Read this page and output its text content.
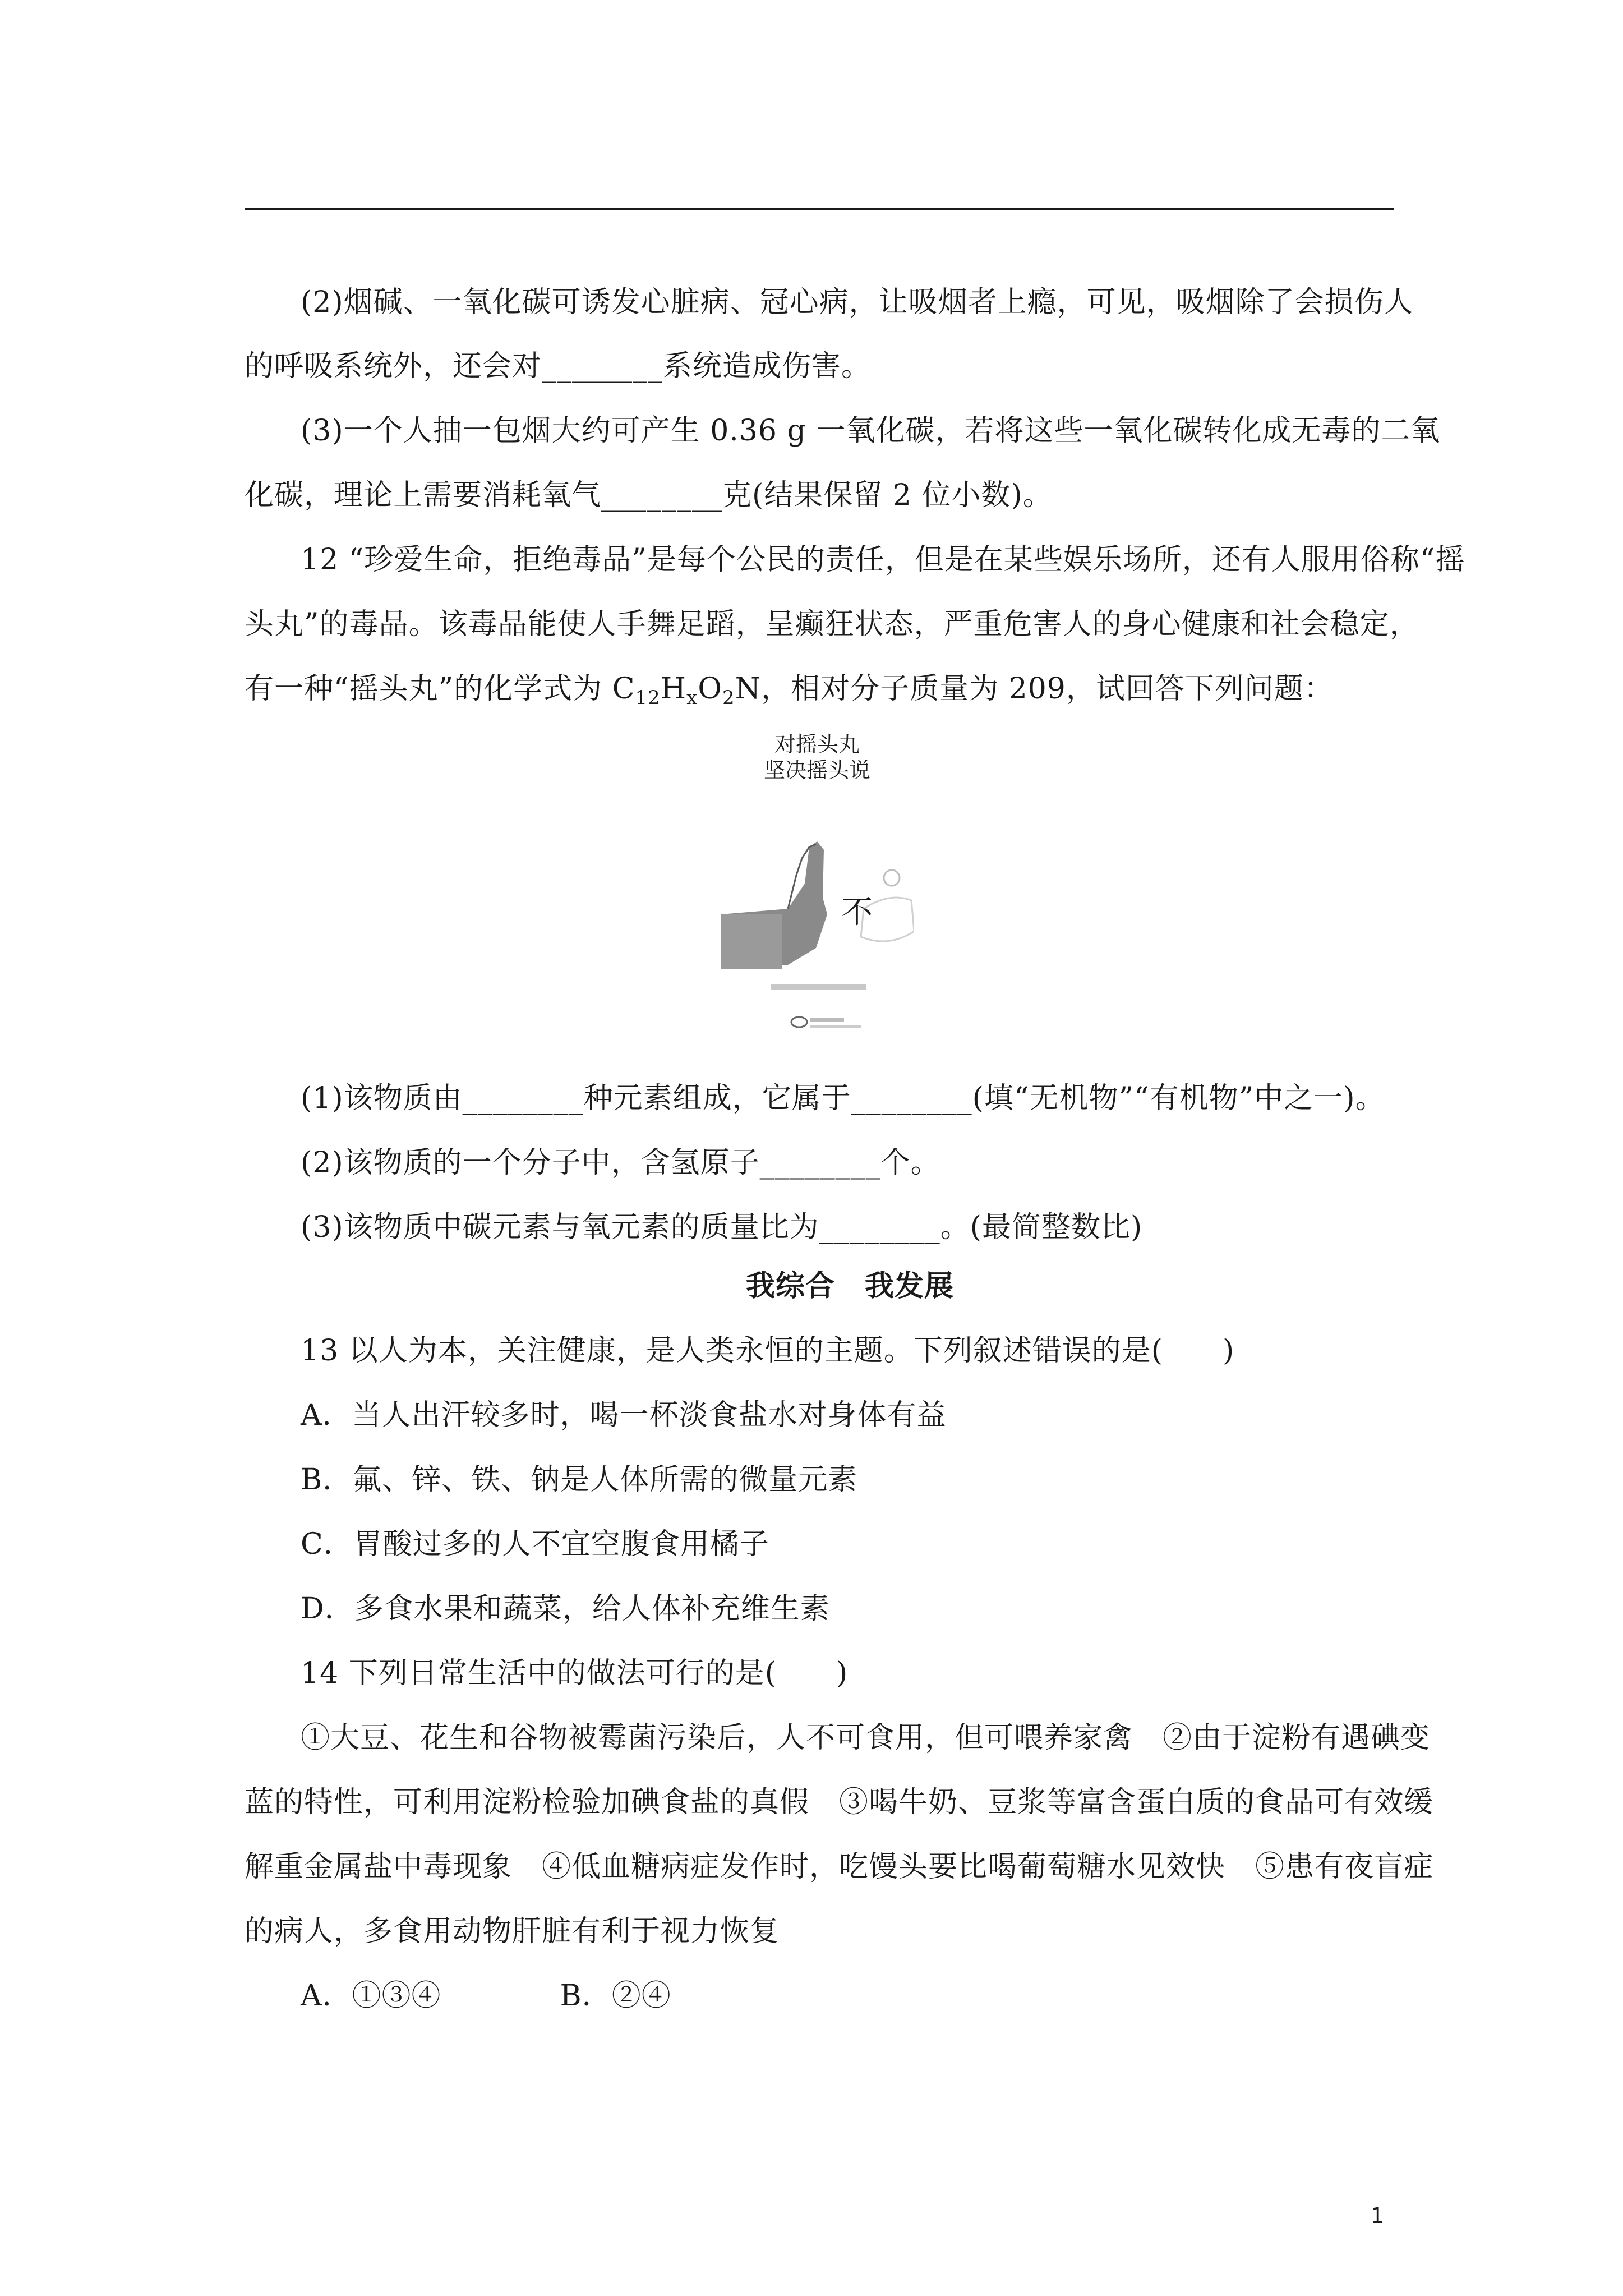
(2)烟碱、一氧化碳可诱发心脏病、冠心病，让吸烟者上瘾，可见，吸烟除了会损伤人
的呼吸系统外，还会对________系统造成伤害。
(3)一个人抽一包烟大约可产生 0.36 g 一氧化碳，若将这些一氧化碳转化成无毒的二氧
化碳，理论上需要消耗氧气________克(结果保留 2 位小数)。
12 “珍爱生命，拒绝毒品”是每个公民的责任，但是在某些娱乐场所，还有人服用俗称“摇
头丸”的毒品。该毒品能使人手舞足蹈，呈癫狂状态，严重危害人的身心健康和社会稳定，
有一种“摇头丸”的化学式为 $C_{12}H_xO_2N$，相对分子质量为 209，试回答下列问题：
对摇头丸
坚决摇头说
不
(1)该物质由________种元素组成，它属于________(填“无机物”“有机物”中之一)。
(2)该物质的一个分子中，含氢原子________个。
(3)该物质中碳元素与氧元素的质量比为________。(最简整数比)
我综合　我发展
13 以人为本，关注健康，是人类永恒的主题。下列叙述错误的是(　　)
A．当人出汗较多时，喝一杯淡食盐水对身体有益
B．氟、锌、铁、钠是人体所需的微量元素
C．胃酸过多的人不宜空腹食用橘子
D．多食水果和蔬菜，给人体补充维生素
14 下列日常生活中的做法可行的是(　　)
①大豆、花生和谷物被霉菌污染后，人不可食用，但可喂养家禽　②由于淀粉有遇碘变
蓝的特性，可利用淀粉检验加碘食盐的真假　③喝牛奶、豆浆等富含蛋白质的食品可有效缓
解重金属盐中毒现象　④低血糖病症发作时，吃馒头要比喝葡萄糖水见效快　⑤患有夜盲症
的病人，多食用动物肝脏有利于视力恢复
A．①③④　　　　B．②④
1
